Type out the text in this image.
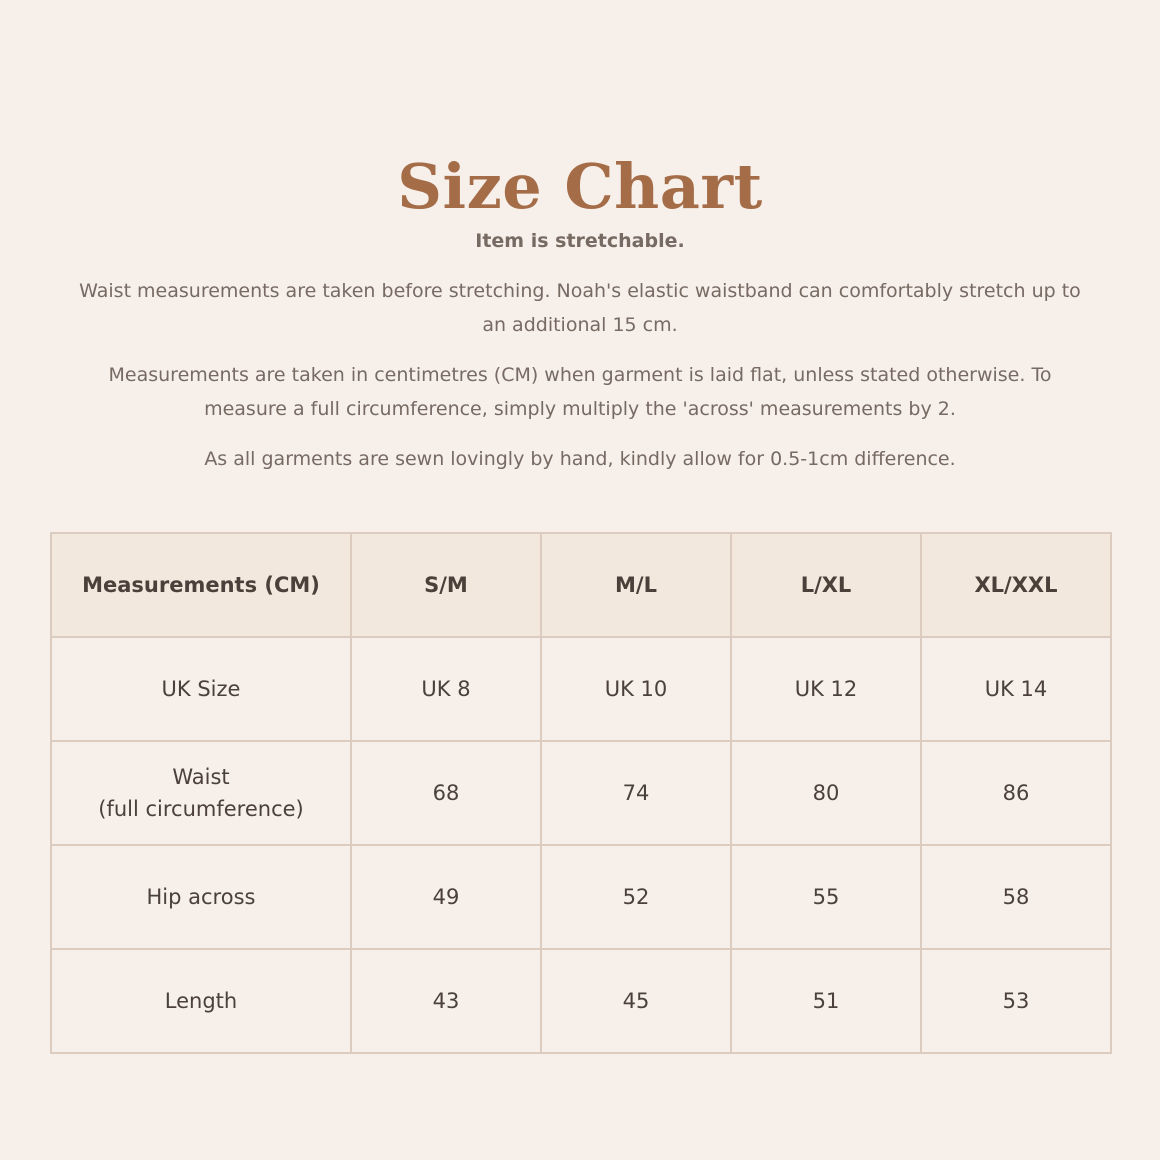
Size Chart

Item is stretchable.

Waist measurements are taken before stretching. Noah's elastic waistband can comfortably stretch up to an additional 15 cm.

Measurements are taken in centimetres (CM) when garment is laid flat, unless stated otherwise. To measure a full circumference, simply multiply the 'across' measurements by 2.

As all garments are sewn lovingly by hand, kindly allow for 0.5-1cm difference.

Measurements (CM)	S/M	M/L	L/XL	XL/XXL
UK Size	UK 8	UK 10	UK 12	UK 14

Waist
(full circumference)	68	74	80	86
Hip across	49	52	55	58
Length	43	45	51	53
